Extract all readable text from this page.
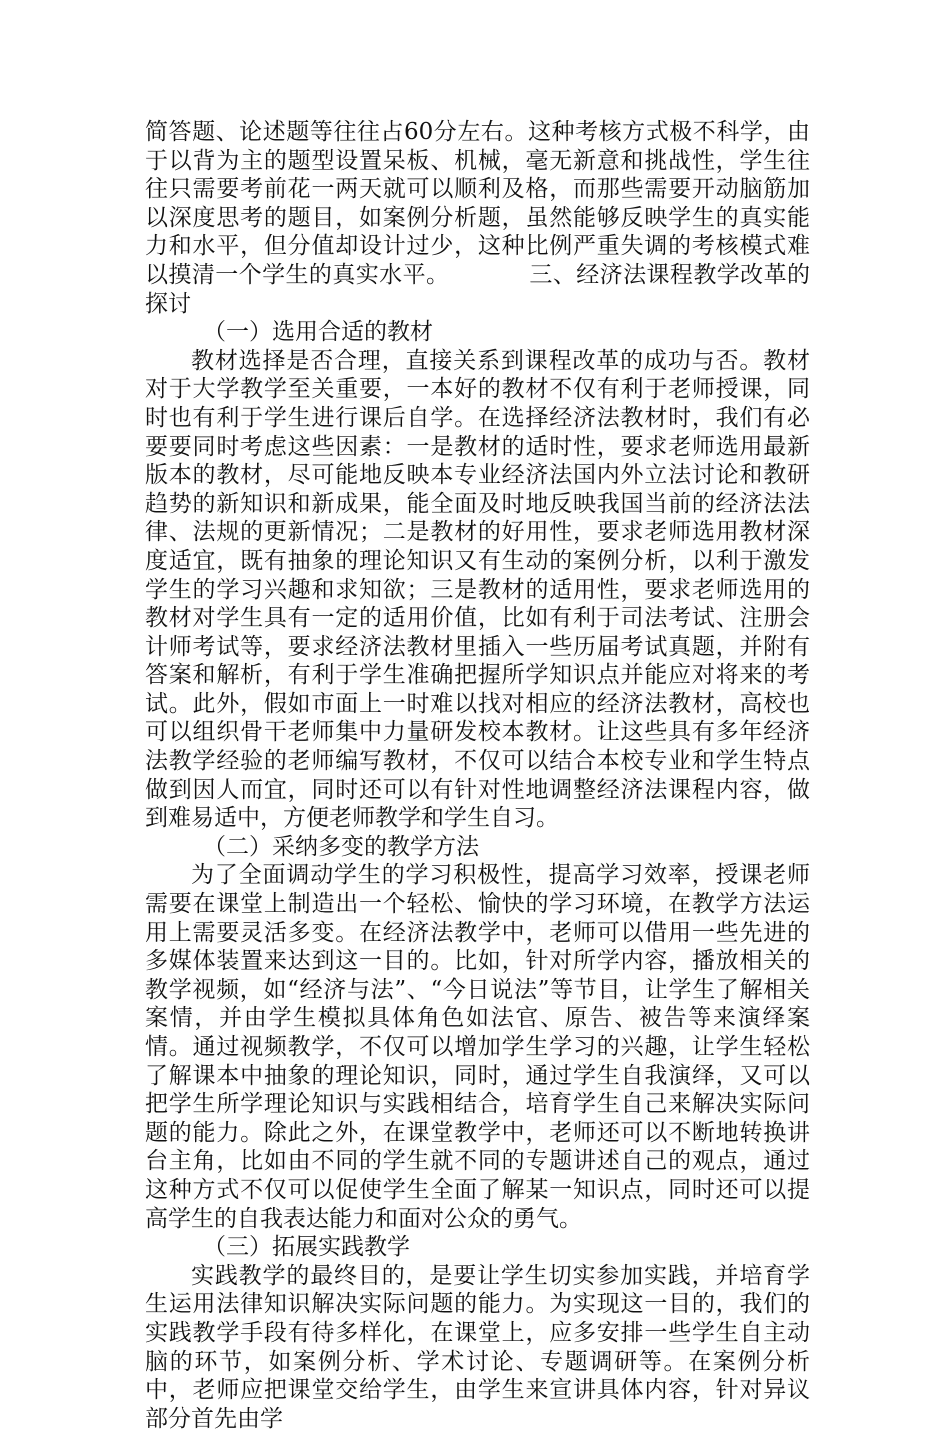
简答题、论述题等往往占60分左右。这种考核方式极不科学，由于以背为主的题型设置呆板、机械，毫无新意和挑战性，学生往往只需要考前花一两天就可以顺利及格，而那些需要开动脑筋加以深度思考的题目，如案例分析题，虽然能够反映学生的真实能力和水平，但分值却设计过少，这种比例严重失调的考核模式难以摸清一个学生的真实水平。	三、经济法课程教学改革的探讨

（一）选用合适的教材

教材选择是否合理，直接关系到课程改革的成功与否。教材对于大学教学至关重要，一本好的教材不仅有利于老师授课，同时也有利于学生进行课后自学。在选择经济法教材时，我们有必要要同时考虑这些因素：一是教材的适时性，要求老师选用最新版本的教材，尽可能地反映本专业经济法国内外立法讨论和教研趋势的新知识和新成果，能全面及时地反映我国当前的经济法法律、法规的更新情况；二是教材的好用性，要求老师选用教材深度适宜，既有抽象的理论知识又有生动的案例分析，以利于激发学生的学习兴趣和求知欲；三是教材的适用性，要求老师选用的教材对学生具有一定的适用价值，比如有利于司法考试、注册会计师考试等，要求经济法教材里插入一些历届考试真题，并附有答案和解析，有利于学生准确把握所学知识点并能应对将来的考试。此外，假如市面上一时难以找对相应的经济法教材，高校也可以组织骨干老师集中力量研发校本教材。让这些具有多年经济法教学经验的老师编写教材，不仅可以结合本校专业和学生特点做到因人而宜，同时还可以有针对性地调整经济法课程内容，做到难易适中，方便老师教学和学生自习。

（二）采纳多变的教学方法

为了全面调动学生的学习积极性，提高学习效率，授课老师需要在课堂上制造出一个轻松、愉快的学习环境，在教学方法运用上需要灵活多变。在经济法教学中，老师可以借用一些先进的多媒体装置来达到这一目的。比如，针对所学内容，播放相关的教学视频，如“经济与法”、“今日说法”等节目，让学生了解相关案情，并由学生模拟具体角色如法官、原告、被告等来演绎案情。通过视频教学，不仅可以增加学生学习的兴趣，让学生轻松了解课本中抽象的理论知识，同时，通过学生自我演绎，又可以把学生所学理论知识与实践相结合，培育学生自己来解决实际问题的能力。除此之外，在课堂教学中，老师还可以不断地转换讲台主角，比如由不同的学生就不同的专题讲述自己的观点，通过这种方式不仅可以促使学生全面了解某一知识点，同时还可以提高学生的自我表达能力和面对公众的勇气。

（三）拓展实践教学

实践教学的最终目的，是要让学生切实参加实践，并培育学生运用法律知识解决实际问题的能力。为实现这一目的，我们的实践教学手段有待多样化，在课堂上，应多安排一些学生自主动脑的环节，如案例分析、学术讨论、专题调研等。在案例分析中，老师应把课堂交给学生，由学生来宣讲具体内容，针对异议部分首先由学
